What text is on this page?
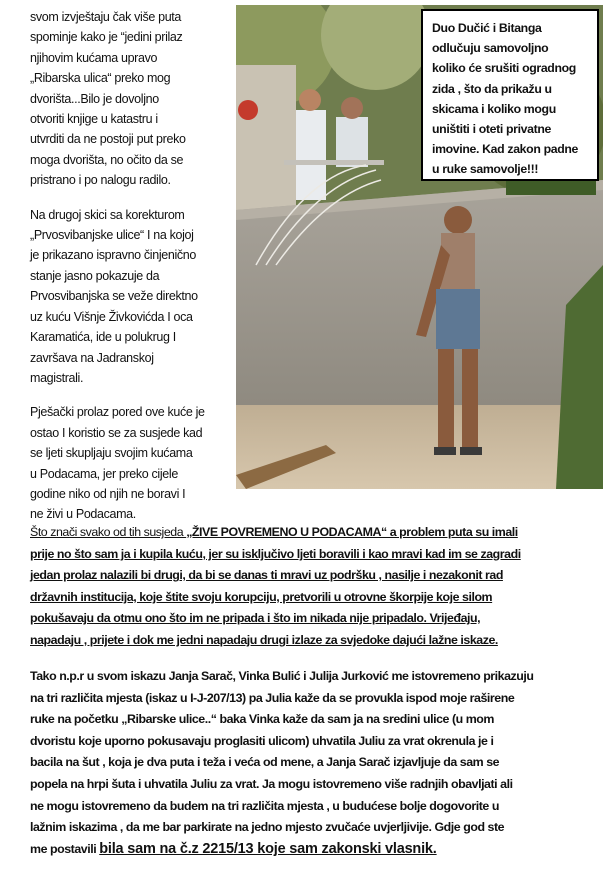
svom izvještaju čak više puta
spominje kako je “jedini prilaz
njihovim kućama upravo
„Ribarska ulica“ preko mog
dvorišta...Bilo je dovoljno
otvoriti knjige u katastru i
utvrditi da ne postoji put preko
moga dvorišta, no očito da se
pristrano i po nalogu radilo.
Na drugoj skici sa korekturom
„Prvosvibanjske ulice“ I na kojoj
je prikazano ispravno činjenično
stanje jasno pokazuje da
Prvosvibanjska se veže direktno
uz kuću Višnje Živkovićda I oca
Karamatića, ide u polukrug I
završava na Jadranskoj
magistrali.
Pješački prolaz pored ove kuće je
ostao I koristio se za susjede kad
se ljeti skupljaju svojim kućama
u Podacama, jer preko cijele
godine niko od njih ne boravi I
ne živi u Podacama.
Duo Dučić i Bitanga
odlučuju samovoljno
koliko će srušiti ogradnog
zida , što da prikažu u
skicama i koliko mogu
uništiti i oteti privatne
imovine. Kad zakon padne
u ruke samovolje!!!
Što znači svako od tih susjeda „ŽIVE POVREMENO U PODACAMA“ a problem puta su imali
prije no što sam ja i kupila kuću, jer su isključivo ljeti boravili i kao mravi kad im se zagradi
jedan prolaz nalazili bi drugi, da bi se danas ti mravi uz podršku , nasilje i nezakonit rad
državnih institucija, koje štite svoju korupciju, pretvorili u otrovne škorpije koje silom
pokušavaju da otmu ono što im ne pripada i što im nikada nije pripadalo. Vrijeđaju,
napadaju , prijete i dok me jedni napadaju drugi izlaze za svjedoke dajući lažne iskaze.
Tako n.p.r u svom iskazu Janja Sarač, Vinka Bulić i Julija Jurković me istovremeno prikazuju
na tri različita mjesta (iskaz u I-J-207/13) pa Julia kaže da se provukla ispod moje raširene
ruke na početku „Ribarske ulice..“ baka Vinka kaže da sam ja na sredini ulice (u mom
dvoristu koje uporno pokusavaju proglasiti ulicom) uhvatila Juliu za vrat okrenula je i
bacila na šut , koja je dva puta i teža i veća od mene, a Janja Sarač izjavljuje da sam se
popela na hrpi šuta i uhvatila Juliu za vrat. Ja mogu istovremeno više radnjih obavljati ali
ne mogu istovremeno da budem na tri različita mjesta , u budućese bolje dogovorite u
lažnim iskazima , da me bar parkirate na jedno mjesto zvučaće uvjerljivije. Gdje god ste
me postavili bila sam na č.z 2215/13 koje sam zakonski vlasnik.
